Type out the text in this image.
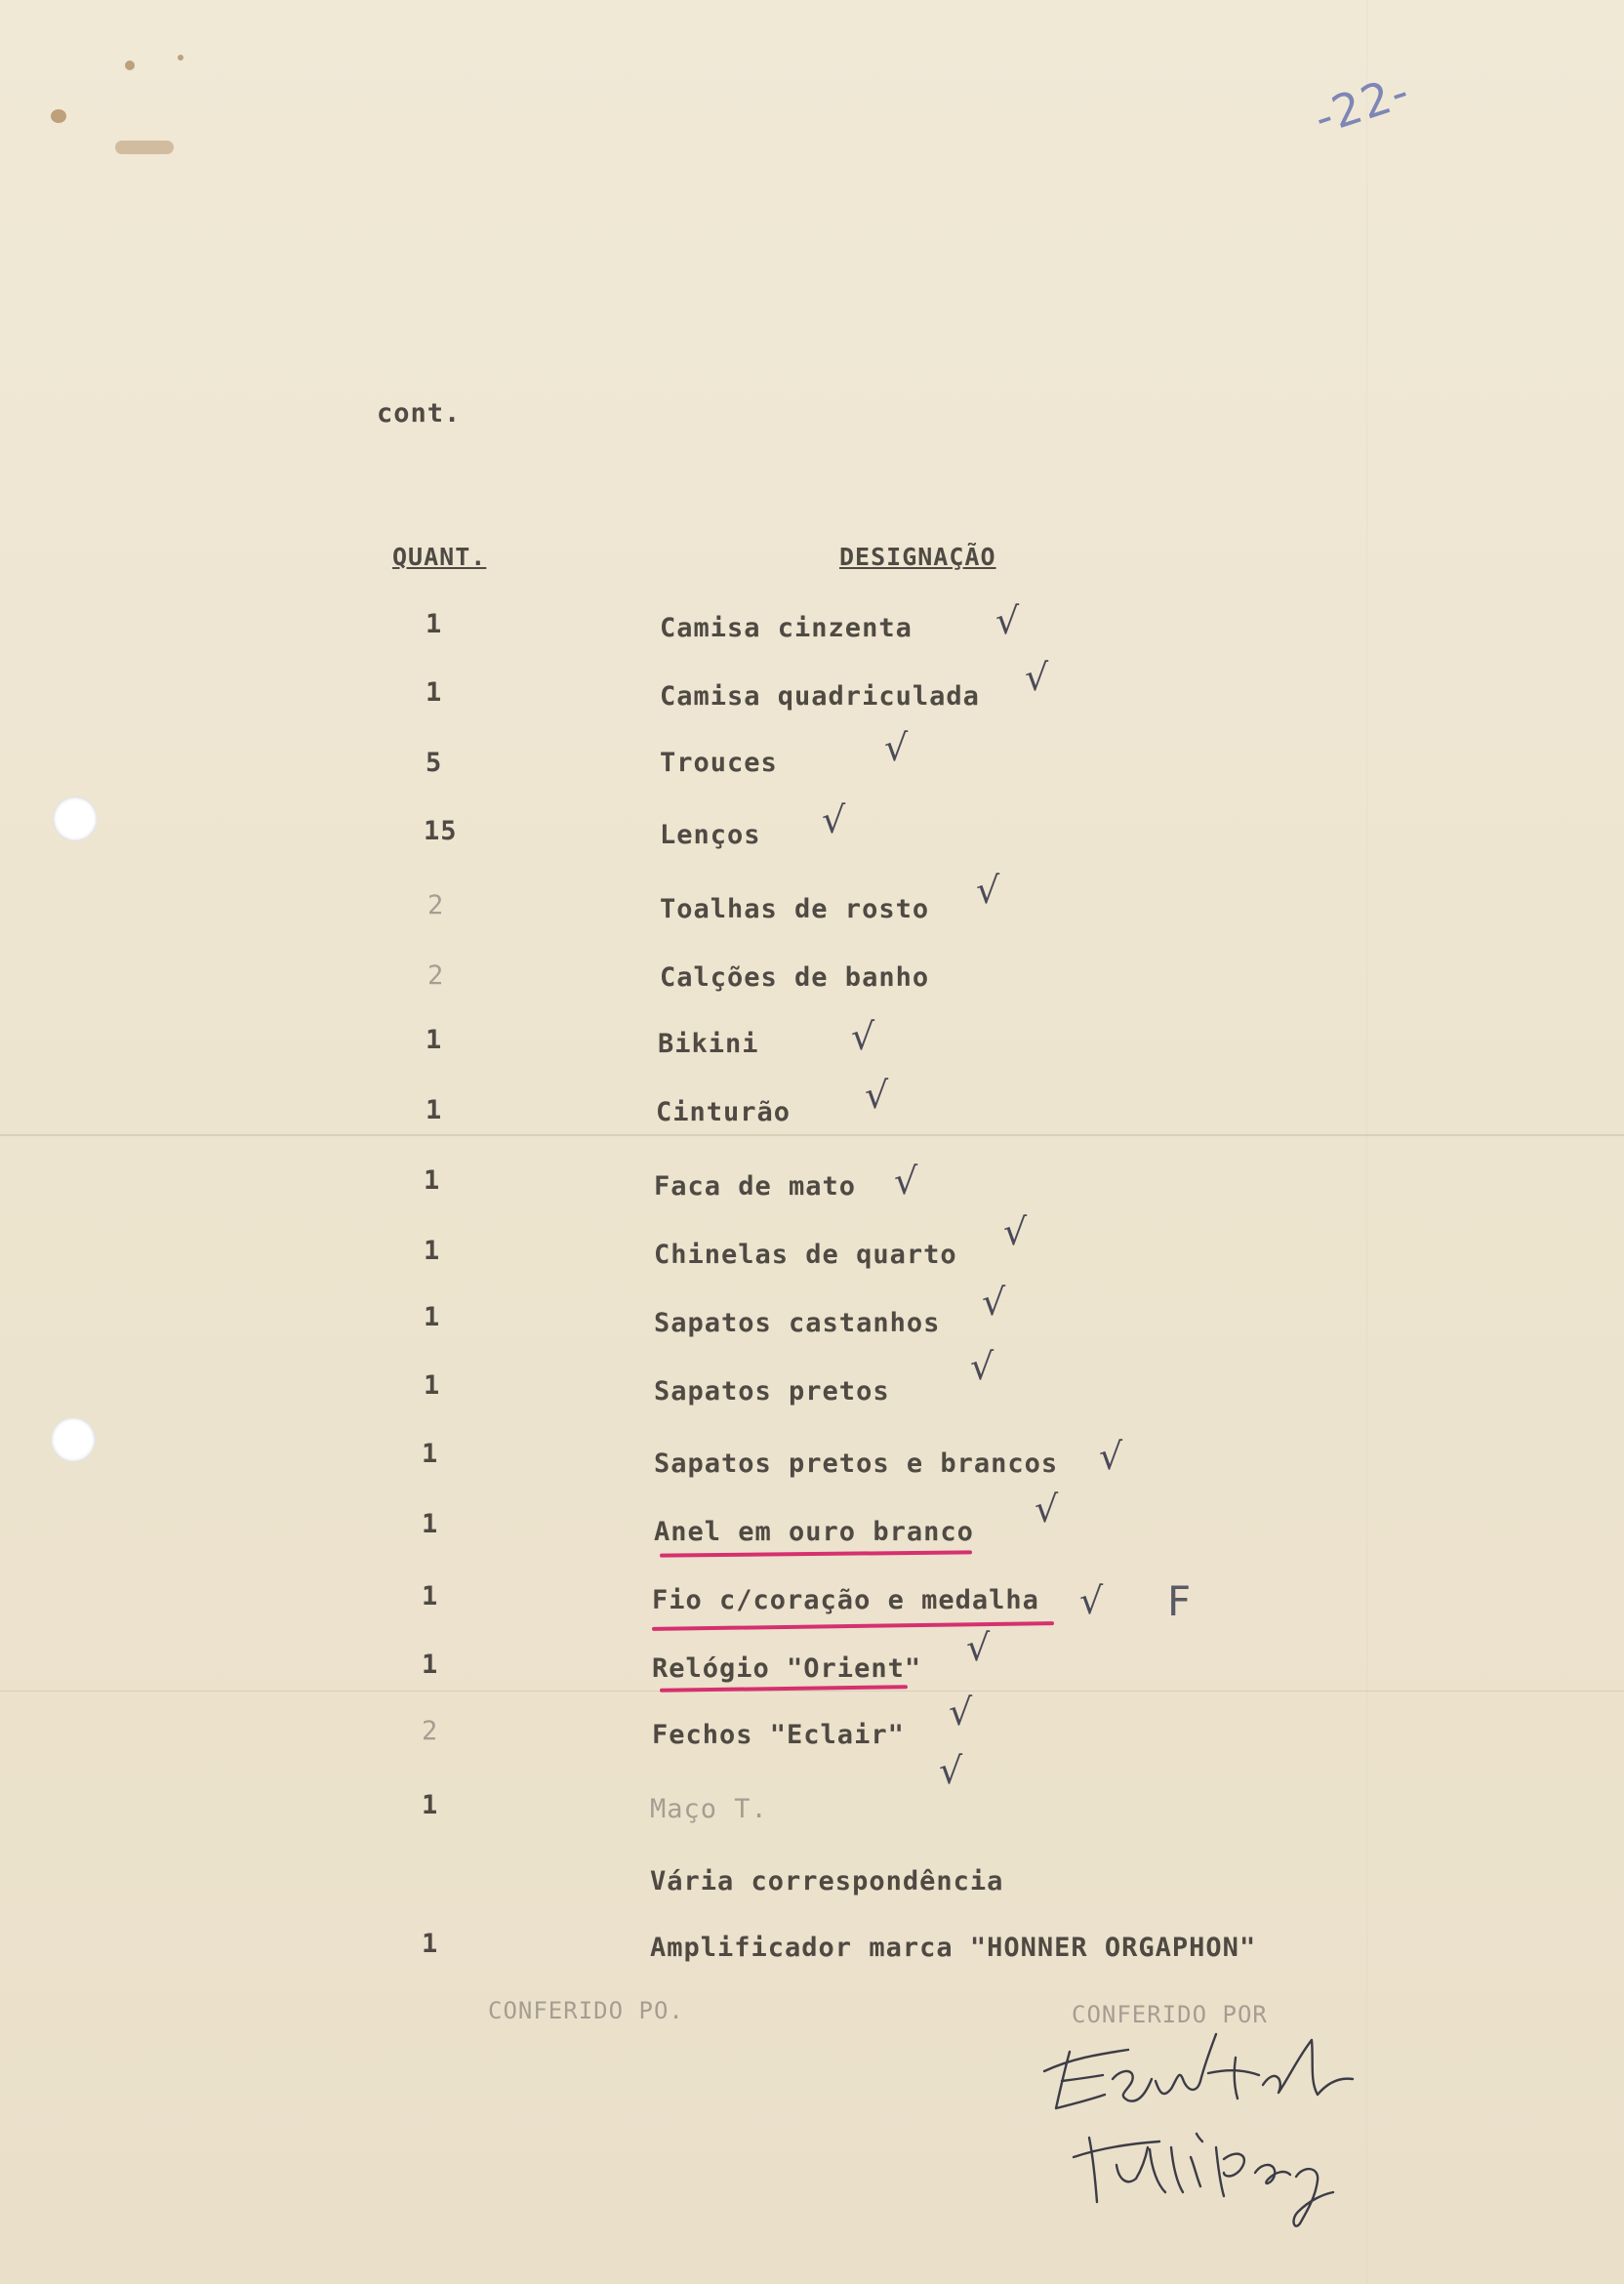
-22-
cont.
QUANT.	DESIGNAÇÃO
1	Camisa cinzenta
1	Camisa quadriculada
5	Trouces
15	Lenços
2	Toalhas de rosto
2	Calções de banho
1	Bikini
1	Cinturão
1	Faca de mato
1	Chinelas de quarto
1	Sapatos castanhos
1	Sapatos pretos
1	Sapatos pretos e brancos
1	Anel em ouro branco
1	Fio c/coração e medalha
1	Relógio "Orient"
2	Fechos "Eclair"
1	Maço T.
Vária correspondência
1	Amplificador marca "HONNER ORGAPHON"
√
√
√
√
√
√
√
√
√
√
√
√
√
√
√
√
√
F
CONFERIDO PO.	CONFERIDO POR
